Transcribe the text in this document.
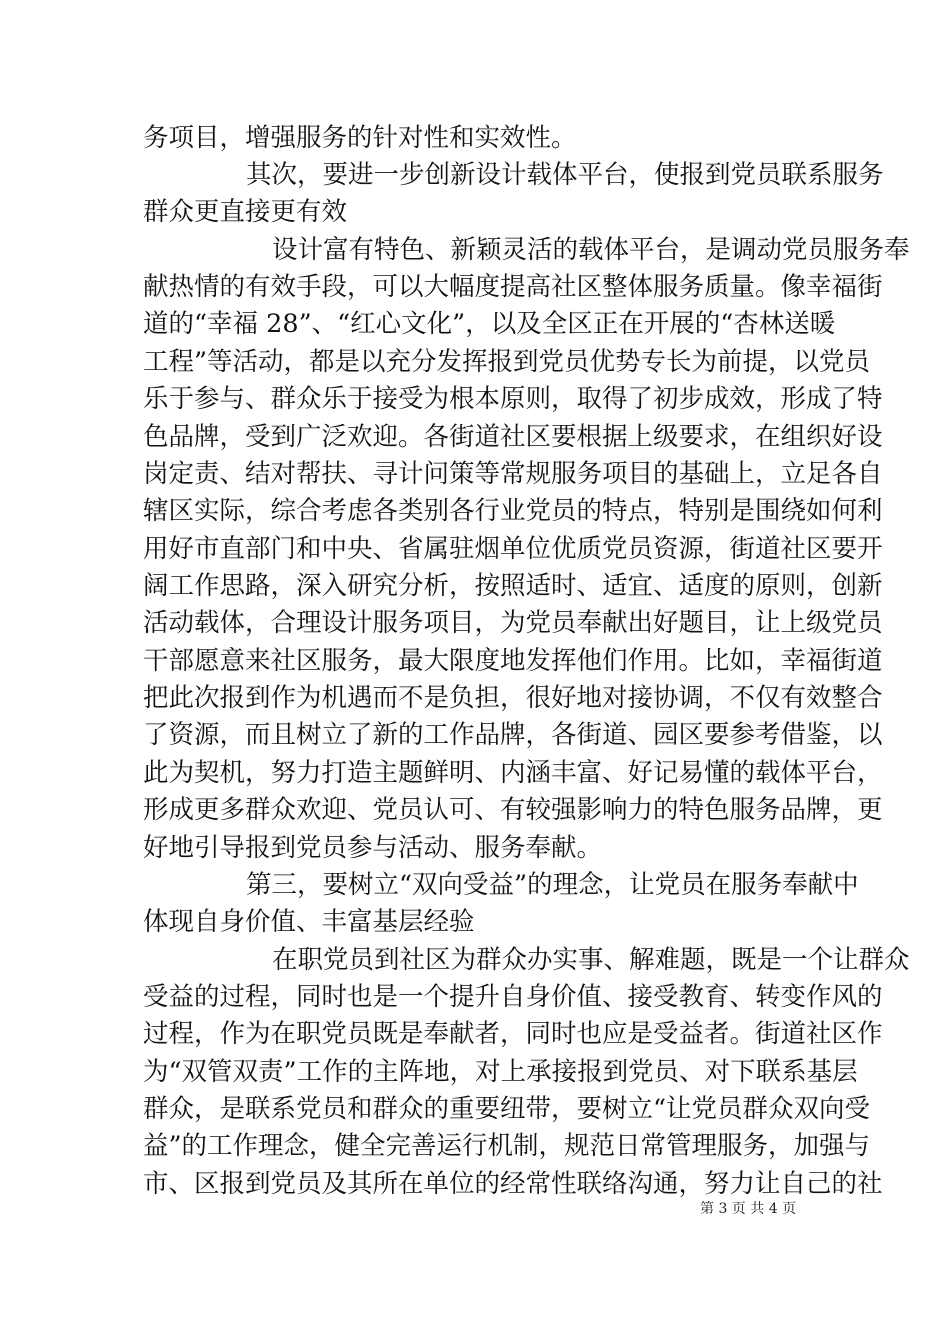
务项目，增强服务的针对性和实效性。
其次，要进一步创新设计载体平台，使报到党员联系服务
群众更直接更有效
设计富有特色、新颖灵活的载体平台，是调动党员服务奉
献热情的有效手段，可以大幅度提高社区整体服务质量。像幸福街
道的“幸福 28”、“红心文化”，以及全区正在开展的“杏林送暖
工程”等活动，都是以充分发挥报到党员优势专长为前提，以党员
乐于参与、群众乐于接受为根本原则，取得了初步成效，形成了特
色品牌，受到广泛欢迎。各街道社区要根据上级要求，在组织好设
岗定责、结对帮扶、寻计问策等常规服务项目的基础上，立足各自
辖区实际，综合考虑各类别各行业党员的特点，特别是围绕如何利
用好市直部门和中央、省属驻烟单位优质党员资源，街道社区要开
阔工作思路，深入研究分析，按照适时、适宜、适度的原则，创新
活动载体，合理设计服务项目，为党员奉献出好题目，让上级党员
干部愿意来社区服务，最大限度地发挥他们作用。比如，幸福街道
把此次报到作为机遇而不是负担，很好地对接协调，不仅有效整合
了资源，而且树立了新的工作品牌，各街道、园区要参考借鉴，以
此为契机，努力打造主题鲜明、内涵丰富、好记易懂的载体平台，
形成更多群众欢迎、党员认可、有较强影响力的特色服务品牌，更
好地引导报到党员参与活动、服务奉献。
第三，要树立“双向受益”的理念，让党员在服务奉献中
体现自身价值、丰富基层经验
在职党员到社区为群众办实事、解难题，既是一个让群众
受益的过程，同时也是一个提升自身价值、接受教育、转变作风的
过程，作为在职党员既是奉献者，同时也应是受益者。街道社区作
为“双管双责”工作的主阵地，对上承接报到党员、对下联系基层
群众，是联系党员和群众的重要纽带，要树立“让党员群众双向受
益”的工作理念，健全完善运行机制，规范日常管理服务，加强与
市、区报到党员及其所在单位的经常性联络沟通，努力让自己的社
第 3 页 共 4 页
